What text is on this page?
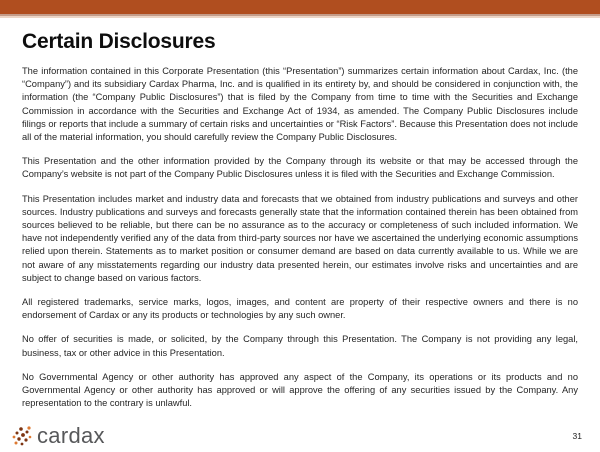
Certain Disclosures

The information contained in this Corporate Presentation (this “Presentation”) summarizes certain information about Cardax, Inc. (the “Company”) and its subsidiary Cardax Pharma, Inc. and is qualified in its entirety by, and should be considered in conjunction with, the information (the “Company Public Disclosures”) that is filed by the Company from time to time with the Securities and Exchange Commission in accordance with the Securities and Exchange Act of 1934, as amended. The Company Public Disclosures include filings or reports that include a summary of certain risks and uncertainties or “Risk Factors”. Because this Presentation does not include all of the material information, you should carefully review the Company Public Disclosures.

This Presentation and the other information provided by the Company through its website or that may be accessed through the Company’s website is not part of the Company Public Disclosures unless it is filed with the Securities and Exchange Commission.

This Presentation includes market and industry data and forecasts that we obtained from industry publications and surveys and other sources. Industry publications and surveys and forecasts generally state that the information contained therein has been obtained from sources believed to be reliable, but there can be no assurance as to the accuracy or completeness of such included information. We have not independently verified any of the data from third-party sources nor have we ascertained the underlying economic assumptions relied upon therein. Statements as to market position or consumer demand are based on data currently available to us. While we are not aware of any misstatements regarding our industry data presented herein, our estimates involve risks and uncertainties and are subject to change based on various factors.

All registered trademarks, service marks, logos, images, and content are property of their respective owners and there is no endorsement of Cardax or any its products or technologies by any such owner.

No offer of securities is made, or solicited, by the Company through this Presentation. The Company is not providing any legal, business, tax or other advice in this Presentation.

No Governmental Agency or other authority has approved any aspect of the Company, its operations or its products and no Governmental Agency or other authority has approved or will approve the offering of any securities issued by the Company. Any representation to the contrary is unlawful.

cardax	31
